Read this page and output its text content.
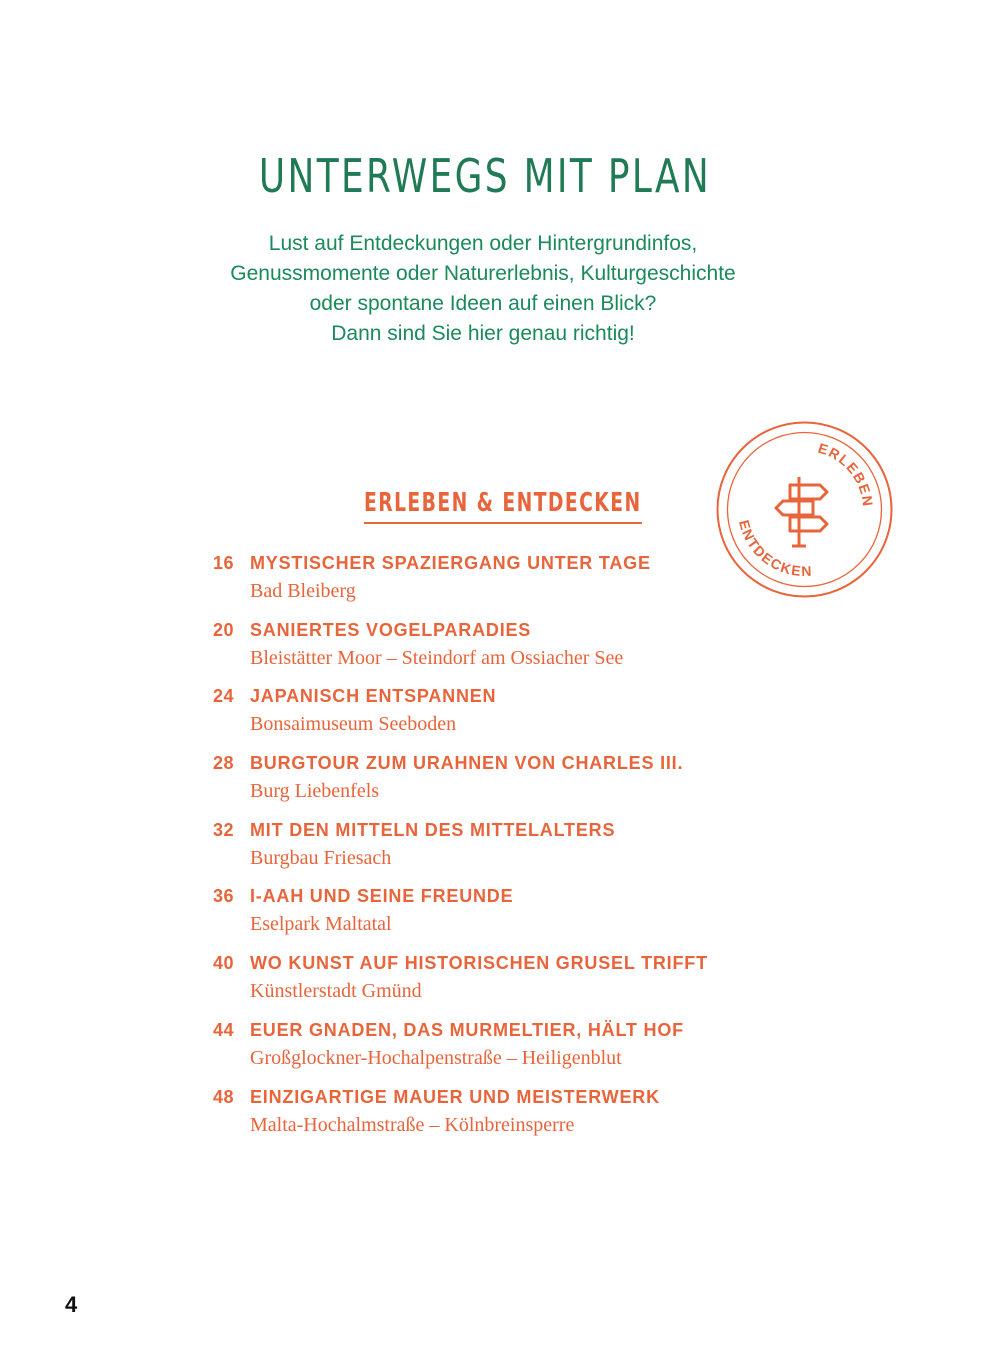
UNTERWEGS MIT PLAN
Lust auf Entdeckungen oder Hintergrundinfos,
Genussmomente oder Naturerlebnis, Kulturgeschichte
oder spontane Ideen auf einen Blick?
Dann sind Sie hier genau richtig!
ERLEBEN
ENTDECKEN
ERLEBEN & ENTDECKEN
16 MYSTISCHER SPAZIERGANG UNTER TAGE
Bad Bleiberg
20 SANIERTES VOGELPARADIES
Bleistätter Moor – Steindorf am Ossiacher See
24 JAPANISCH ENTSPANNEN
Bonsaimuseum Seeboden
28 BURGTOUR ZUM URAHNEN VON CHARLES III.
Burg Liebenfels
32 MIT DEN MITTELN DES MITTELALTERS
Burgbau Friesach
36 I-AAH UND SEINE FREUNDE
Eselpark Maltatal
40 WO KUNST AUF HISTORISCHEN GRUSEL TRIFFT
Künstlerstadt Gmünd
44 EUER GNADEN, DAS MURMELTIER, HÄLT HOF
Großglockner-Hochalpenstraße – Heiligenblut
48 EINZIGARTIGE MAUER UND MEISTERWERK
Malta-Hochalmstraße – Kölnbreinsperre
4
